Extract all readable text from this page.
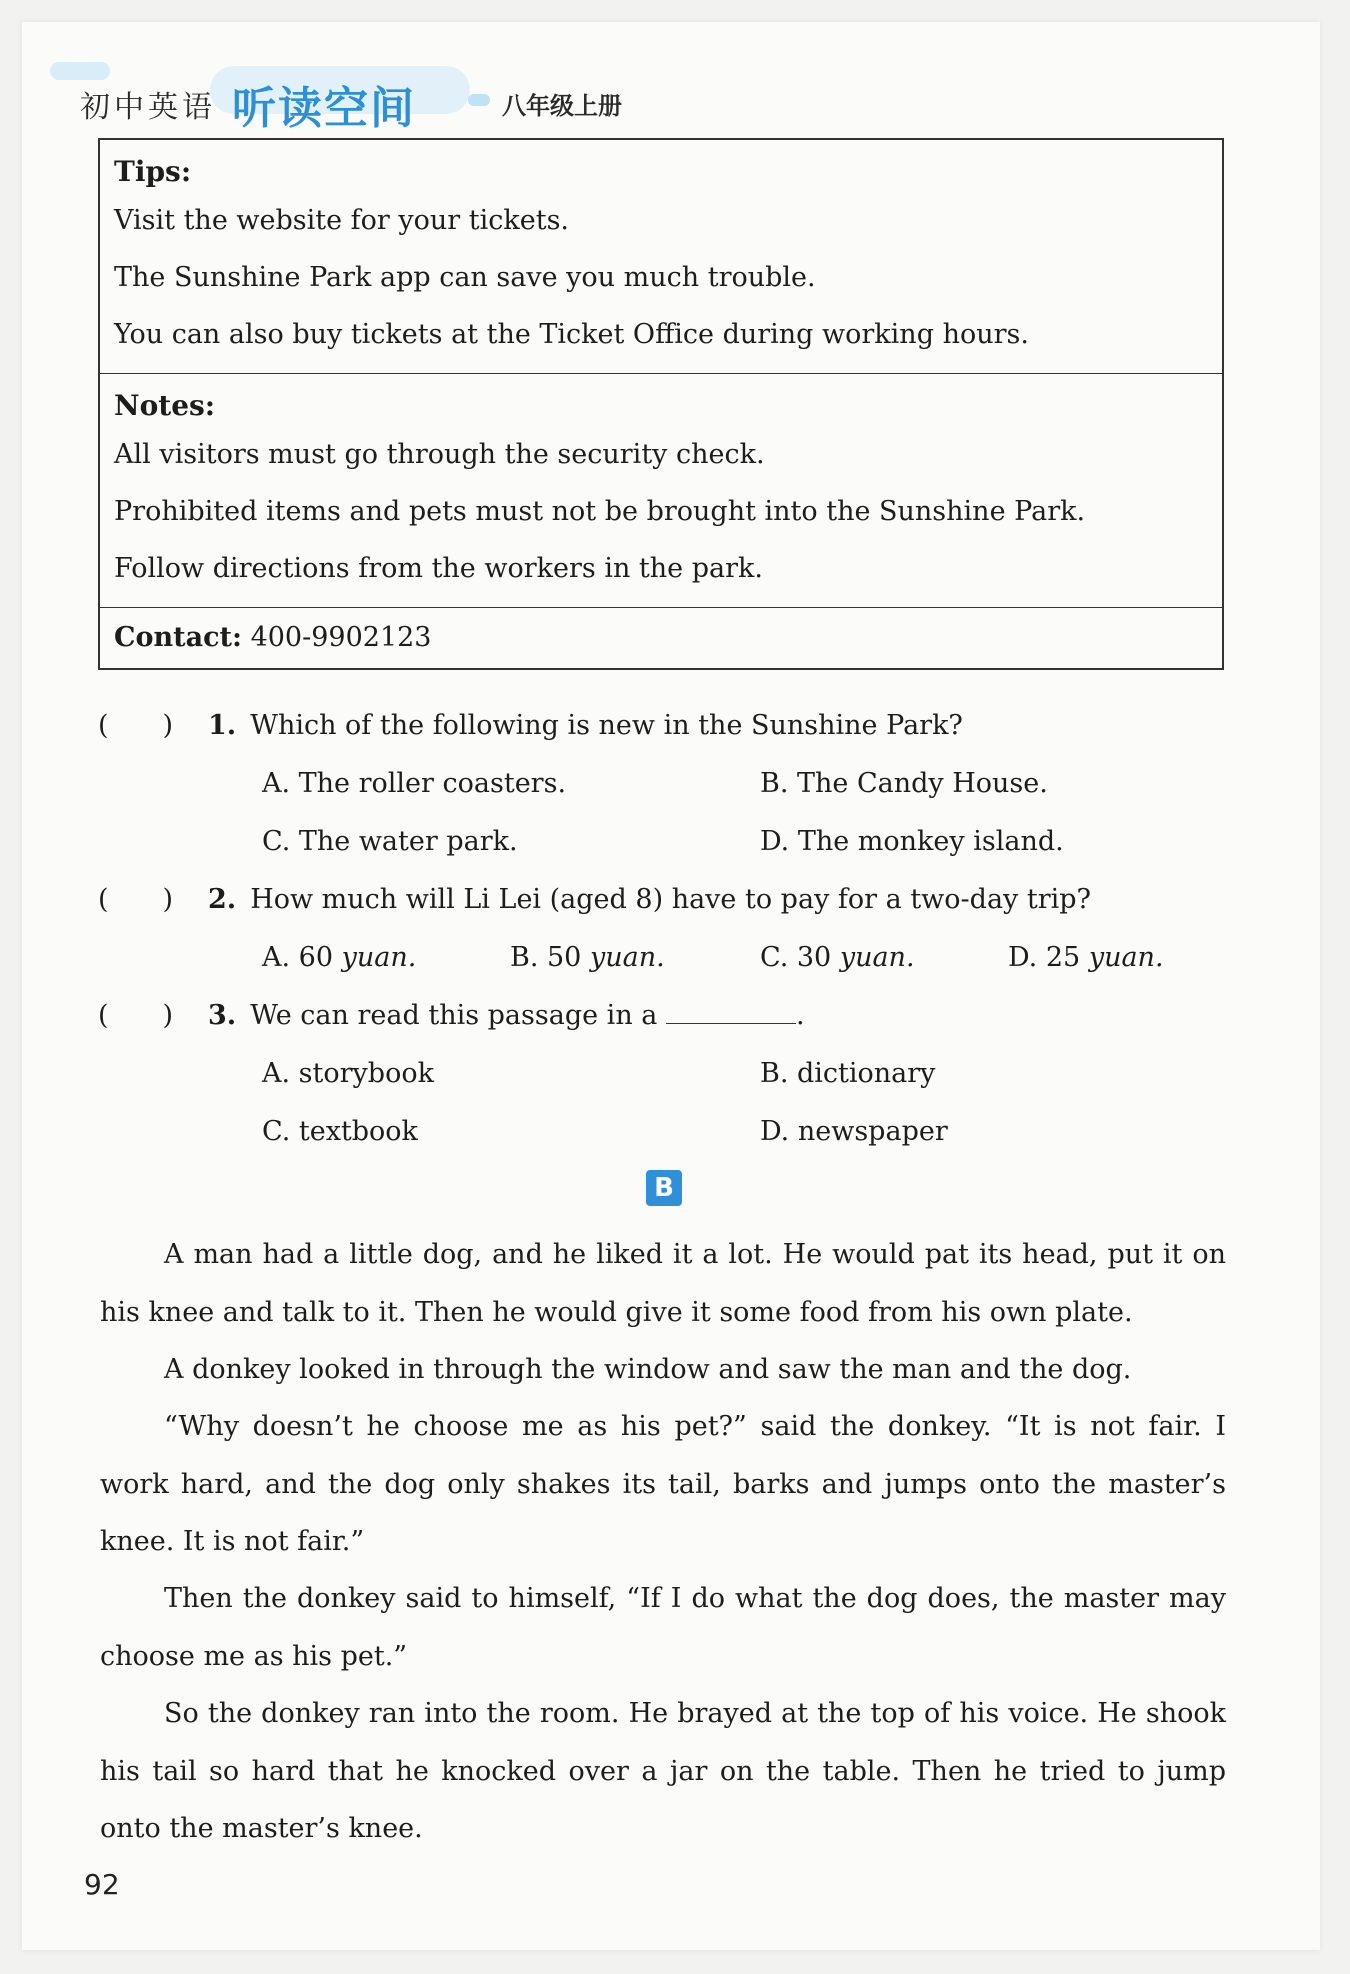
初中英语 听读空间	八年级上册
Tips:
Visit the website for your tickets.
The Sunshine Park app can save you much trouble.
You can also buy tickets at the Ticket Office during working hours.
Notes:
All visitors must go through the security check.
Prohibited items and pets must not be brought into the Sunshine Park.
Follow directions from the workers in the park.
Contact: 400-9902123
(　　) 1. Which of the following is new in the Sunshine Park?
A. The roller coasters.	B. The Candy House.
C. The water park.	D. The monkey island.
(　　) 2. How much will Li Lei (aged 8) have to pay for a two-day trip?
A. 60 yuan.	B. 50 yuan.	C. 30 yuan.	D. 25 yuan.
(　　) 3. We can read this passage in a	.
A. storybook	B. dictionary
C. textbook	D. newspaper
B
A man had a little dog, and he liked it a lot. He would pat its head, put it on his knee and talk to it. Then he would give it some food from his own plate.
A donkey looked in through the window and saw the man and the dog.
“Why doesn’t he choose me as his pet?” said the donkey. “It is not fair. I work hard, and the dog only shakes its tail, barks and jumps onto the master’s knee. It is not fair.”
Then the donkey said to himself, “If I do what the dog does, the master may choose me as his pet.”
So the donkey ran into the room. He brayed at the top of his voice. He shook his tail so hard that he knocked over a jar on the table. Then he tried to jump onto the master’s knee.
92
